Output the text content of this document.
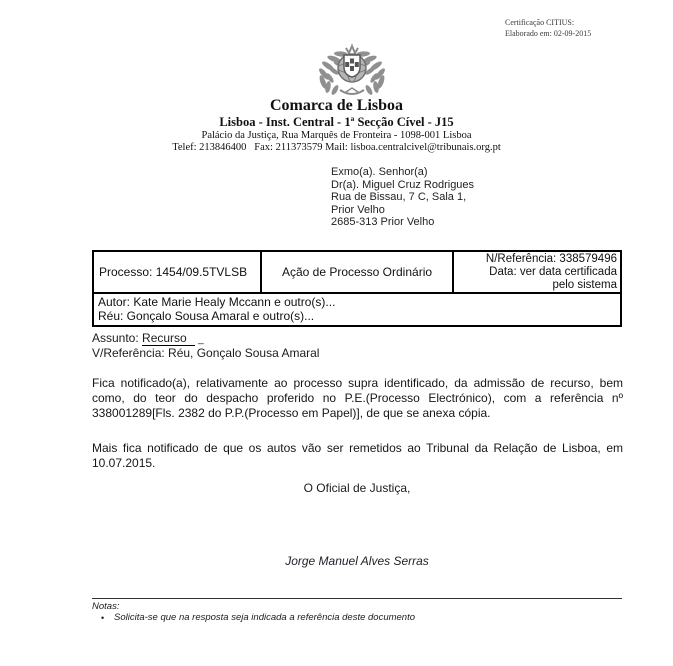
Certificação CITIUS:
Elaborado em: 02-09-2015
Comarca de Lisboa
Lisboa - Inst. Central - 1ª Secção Cível - J15
Palácio da Justiça, Rua Marquês de Fronteira - 1098-001 Lisboa
Telef: 213846400   Fax: 211373579 Mail: lisboa.centralcivel@tribunais.org.pt
Exmo(a). Senhor(a)
Dr(a). Miguel Cruz Rodrigues
Rua de Bissau, 7 C, Sala 1,
Prior Velho
2685-313 Prior Velho
Processo: 1454/09.5TVLSB	Ação de Processo Ordinário
N/Referência: 338579496
Data: ver data certificada
pelo sistema
Autor: Kate Marie Healy Mccann e outro(s)...
Réu: Gonçalo Sousa Amaral e outro(s)...
Assunto: Recurso _
V/Referência: Réu, Gonçalo Sousa Amaral
Fica notificado(a), relativamente ao processo supra identificado, da admissão de recurso, bem como, do teor do despacho proferido no P.E.(Processo Electrónico), com a referência nº 338001289[Fls. 2382 do P.P.(Processo em Papel)], de que se anexa cópia.
Mais fica notificado de que os autos vão ser remetidos ao Tribunal da Relação de Lisboa, em 10.07.2015.
O Oficial de Justiça,
Jorge Manuel Alves Serras
Notas:
•	Solicita-se que na resposta seja indicada a referência deste documento
